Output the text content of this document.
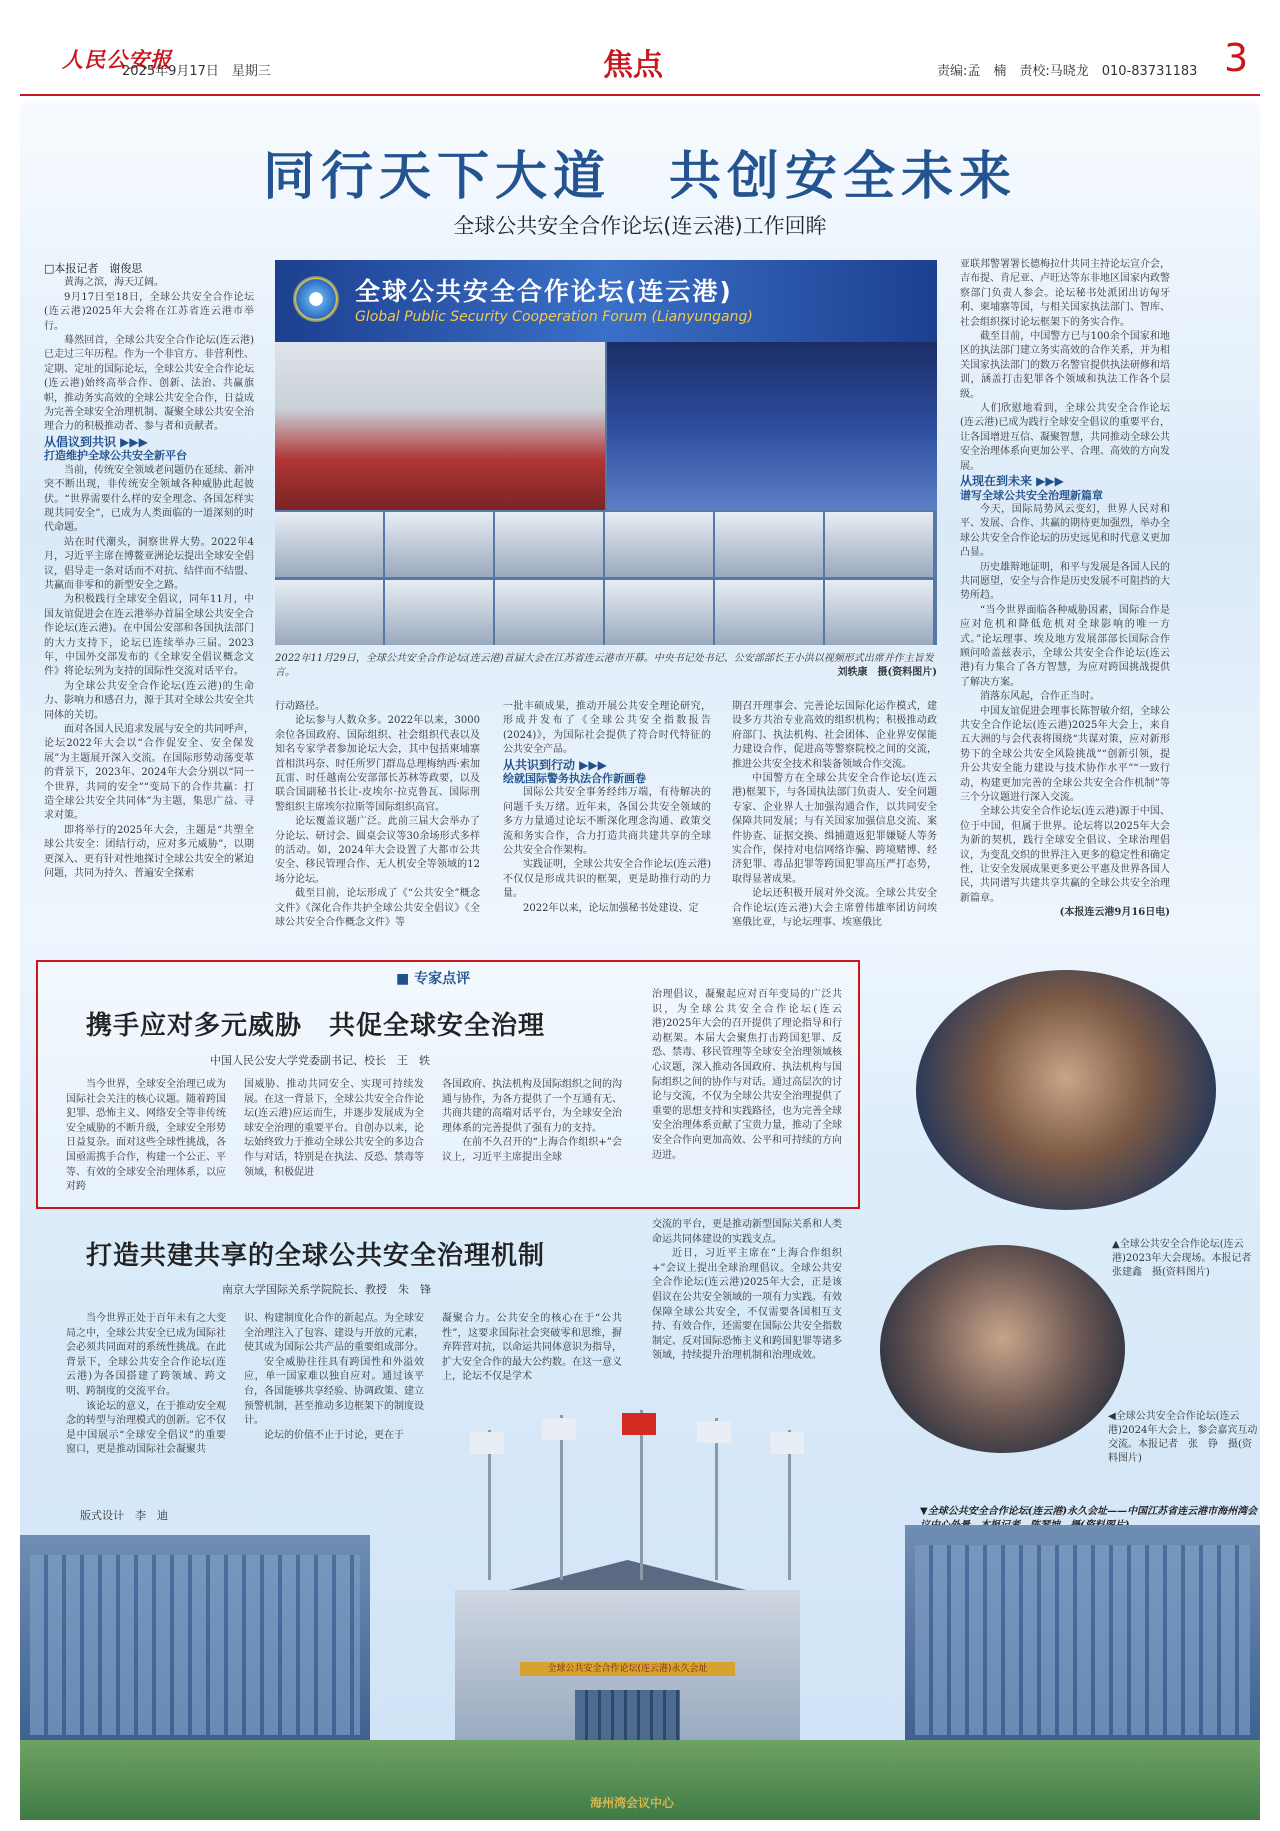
人民公安报
2025年9月17日　星期三	焦点	责编:孟　楠　责校:马晓龙　010-83731183 3
同行天下大道　共创安全未来
全球公共安全合作论坛(连云港)工作回眸
全球公共安全合作论坛(连云港)
Global Public Security Cooperation Forum (Lianyungang)
2022年11月29日，全球公共安全合作论坛(连云港)首届大会在江苏省连云港市开幕。中央书记处书记、公安部部长王小洪以视频形式出席并作主旨发言。	刘轶康　摄(资料图片)

□本报记者　谢俊思

黄海之滨，海天辽阔。

9月17日至18日，全球公共安全合作论坛(连云港)2025年大会将在江苏省连云港市举行。

蓦然回首，全球公共安全合作论坛(连云港)已走过三年历程。作为一个非官方、非营利性、定期、定址的国际论坛，全球公共安全合作论坛(连云港)始终高举合作、创新、法治、共赢旗帜，推动务实高效的全球公共安全合作，日益成为完善全球安全治理机制、凝聚全球公共安全治理合力的积极推动者、参与者和贡献者。

从倡议到共识 ▶▶▶

打造维护全球公共安全新平台

当前，传统安全领域老问题仍在延续、新冲突不断出现，非传统安全领域各种威胁此起彼伏。“世界需要什么样的安全理念、各国怎样实现共同安全”，已成为人类面临的一道深刻的时代命题。

站在时代潮头，洞察世界大势。2022年4月，习近平主席在博鳌亚洲论坛提出全球安全倡议，倡导走一条对话而不对抗、结伴而不结盟、共赢而非零和的新型安全之路。

为积极践行全球安全倡议，同年11月，中国友谊促进会在连云港举办首届全球公共安全合作论坛(连云港)。在中国公安部和各国执法部门的大力支持下，论坛已连续举办三届。2023年，中国外交部发布的《全球安全倡议概念文件》将论坛列为支持的国际性交流对话平台。

为全球公共安全合作论坛(连云港)的生命力、影响力和感召力，源于其对全球公共安全共同体的关切。

面对各国人民追求发展与安全的共同呼声，论坛2022年大会以“合作促安全、安全保发展”为主题展开深入交流。在国际形势动荡变革的背景下，2023年、2024年大会分别以“同一个世界，共同的安全”“变局下的合作共赢：打造全球公共安全共同体”为主题，集思广益、寻求对策。

即将举行的2025年大会，主题是“共塑全球公共安全：团结行动，应对多元威胁”，以期更深入、更有针对性地探讨全球公共安全的紧迫问题，共同为持久、普遍安全探索

行动路径。

论坛参与人数众多。2022年以来，3000余位各国政府、国际组织、社会组织代表以及知名专家学者参加论坛大会，其中包括柬埔寨首相洪玛奈、时任所罗门群岛总理梅纳西·索加瓦雷、时任越南公安部部长苏林等政要，以及联合国副秘书长让-皮埃尔·拉克鲁瓦、国际刑警组织主席埃尔拉斯等国际组织高官。

论坛覆盖议题广泛。此前三届大会举办了分论坛、研讨会、圆桌会议等30余场形式多样的活动。如，2024年大会设置了大都市公共安全、移民管理合作、无人机安全等领域的12场分论坛。

截至目前，论坛形成了《“公共安全”概念文件》《深化合作共护全球公共安全倡议》《全球公共安全合作概念文件》等

一批丰硕成果，推动开展公共安全理论研究，形成并发布了《全球公共安全指数报告(2024)》，为国际社会提供了符合时代特征的公共安全产品。

从共识到行动 ▶▶▶

绘就国际警务执法合作新画卷

国际公共安全事务经纬万端，有待解决的问题千头万绪。近年来，各国公共安全领域的多方力量通过论坛不断深化理念沟通、政策交流和务实合作，合力打造共商共建共享的全球公共安全合作架构。

实践证明，全球公共安全合作论坛(连云港)不仅仅是形成共识的框架，更是助推行动的力量。

2022年以来，论坛加强秘书处建设、定

期召开理事会、完善论坛国际化运作模式，建设多方共治专业高效的组织机构；积极推动政府部门、执法机构、社会团体、企业界安保能力建设合作，促进高等警察院校之间的交流，推进公共安全技术和装备领域合作交流。

中国警方在全球公共安全合作论坛(连云港)框架下，与各国执法部门负责人、安全问题专家、企业界人士加强沟通合作，以共同安全保障共同发展；与有关国家加强信息交流、案件协查、证据交换、缉捕遣返犯罪嫌疑人等务实合作，保持对电信网络诈骗、跨境赌博、经济犯罪、毒品犯罪等跨国犯罪高压严打态势，取得显著成果。

论坛还积极开展对外交流。全球公共安全合作论坛(连云港)大会主席曾伟雄率团访问埃塞俄比亚，与论坛理事、埃塞俄比

亚联邦警署署长德梅拉什共同主持论坛宣介会，吉布提、肯尼亚、卢旺达等东非地区国家内政警察部门负责人参会。论坛秘书处派团出访匈牙利、柬埔寨等国，与相关国家执法部门、智库、社会组织探讨论坛框架下的务实合作。

截至目前，中国警方已与100余个国家和地区的执法部门建立务实高效的合作关系，并为相关国家执法部门的数万名警官提供执法研修和培训，涵盖打击犯罪各个领域和执法工作各个层级。

人们欣慰地看到，全球公共安全合作论坛(连云港)已成为践行全球安全倡议的重要平台，让各国增进互信、凝聚智慧，共同推动全球公共安全治理体系向更加公平、合理、高效的方向发展。

从现在到未来 ▶▶▶

谱写全球公共安全治理新篇章

今天，国际局势风云变幻，世界人民对和平、发展、合作、共赢的期待更加强烈，举办全球公共安全合作论坛的历史远见和时代意义更加凸显。

历史雄辩地证明，和平与发展是各国人民的共同愿望，安全与合作是历史发展不可阻挡的大势所趋。

“当今世界面临各种威胁因素，国际合作是应对危机和降低危机对全球影响的唯一方式。”论坛理事、埃及地方发展部部长国际合作顾问哈盖兹表示，全球公共安全合作论坛(连云港)有力集合了各方智慧，为应对跨国挑战提供了解决方案。

消落东风起，合作正当时。

中国友谊促进会理事长陈智敏介绍，全球公共安全合作论坛(连云港)2025年大会上，来自五大洲的与会代表将围绕“共谋对策，应对新形势下的全球公共安全风险挑战”“创新引领，提升公共安全能力建设与技术协作水平”“一致行动，构建更加完善的全球公共安全合作机制”等三个分议题进行深入交流。

全球公共安全合作论坛(连云港)源于中国、位于中国，但属于世界。论坛将以2025年大会为新的契机，践行全球安全倡议、全球治理倡议，为变乱交织的世界注入更多的稳定性和确定性，让安全发展成果更多更公平惠及世界各国人民，共同谱写共建共享共赢的全球公共安全治理新篇章。

(本报连云港9月16日电)

■ 专家点评
携手应对多元威胁　共促全球安全治理
中国人民公安大学党委副书记、校长　王　轶

当今世界，全球安全治理已成为国际社会关注的核心议题。随着跨国犯罪、恐怖主义、网络安全等非传统安全威胁的不断升级，全球安全形势日益复杂。面对这些全球性挑战，各国亟需携手合作，构建一个公正、平等、有效的全球安全治理体系，以应对跨

国威胁、推动共同安全、实现可持续发展。在这一背景下，全球公共安全合作论坛(连云港)应运而生，并逐步发展成为全球安全治理的重要平台。自创办以来，论坛始终致力于推动全球公共安全的多边合作与对话，特别是在执法、反恐、禁毒等领域，积极促进

各国政府、执法机构及国际组织之间的沟通与协作，为各方提供了一个互通有无、共商共建的高端对话平台，为全球安全治理体系的完善提供了强有力的支持。

在前不久召开的“上海合作组织+”会议上，习近平主席提出全球

治理倡议，凝聚起应对百年变局的广泛共识，为全球公共安全合作论坛(连云港)2025年大会的召开提供了理论指导和行动框架。本届大会聚焦打击跨国犯罪、反恐、禁毒、移民管理等全球安全治理领域核心议题，深入推动各国政府、执法机构与国际组织之间的协作与对话。通过高层次的讨论与交流，不仅为全球公共安全治理提供了重要的思想支持和实践路径，也为完善全球安全治理体系贡献了宝贵力量，推动了全球安全合作向更加高效、公平和可持续的方向迈进。

打造共建共享的全球公共安全治理机制
南京大学国际关系学院院长、教授　朱　锋

当今世界正处于百年未有之大变局之中，全球公共安全已成为国际社会必须共同面对的系统性挑战。在此背景下，全球公共安全合作论坛(连云港)为各国搭建了跨领域、跨文明、跨制度的交流平台。

该论坛的意义，在于推动安全观念的转型与治理模式的创新。它不仅是中国展示“全球安全倡议”的重要窗口，更是推动国际社会凝聚共

识、构建制度化合作的新起点。为全球安全治理注入了包容、建设与开放的元素，使其成为国际公共产品的重要组成部分。

安全威胁往往具有跨国性和外溢效应，单一国家难以独自应对。通过该平台，各国能够共享经验、协调政策、建立预警机制，甚至推动多边框架下的制度设计。

论坛的价值不止于讨论，更在于

凝聚合力。公共安全的核心在于“公共性”，这要求国际社会突破零和思维，摒弃阵营对抗，以命运共同体意识为指导，扩大安全合作的最大公约数。在这一意义上，论坛不仅是学术

交流的平台，更是推动新型国际关系和人类命运共同体建设的实践支点。

近日，习近平主席在“上海合作组织+”会议上提出全球治理倡议。全球公共安全合作论坛(连云港)2025年大会，正是该倡议在公共安全领域的一项有力实践。有效保障全球公共安全，不仅需要各国相互支持、有效合作，还需要在国际公共安全指数制定、反对国际恐怖主义和跨国犯罪等诸多领域，持续提升治理机制和治理成效。

▲全球公共安全合作论坛(连云港)2023年大会现场。本报记者　张建鑫　摄(资料图片)
◀全球公共安全合作论坛(连云港)2024年大会上，参会嘉宾互动交流。本报记者　张　铮　摄(资料图片)
▼全球公共安全合作论坛(连云港)永久会址——中国江苏省连云港市海州湾会　　
版式设计　李　迪
全球公共安全合作论坛(连云港)永久会址
海州湾会议中心
